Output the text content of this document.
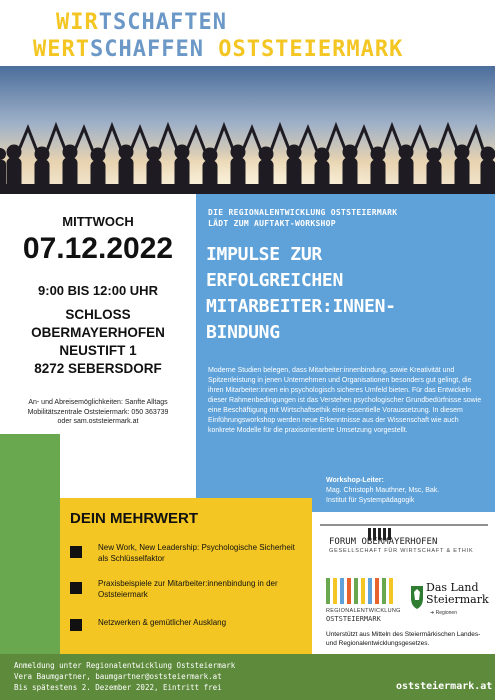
WIRTSCHAFTEN
WERTSCHAFFEN OSTSTEIERMARK
MITTWOCH
07.12.2022
9:00 BIS 12:00 UHR
SCHLOSS
OBERMAYERHOFEN
NEUSTIFT 1
8272 SEBERSDORF
An- und Abreisemöglichkeiten: Sanfte Alltags
Mobilitätszentrale Oststeiermark: 050 363739
oder sam.oststeiermark.at
DIE REGIONALENTWICKLUNG OSTSTEIERMARK
LÄDT ZUM AUFTAKT-WORKSHOP
IMPULSE ZUR
ERFOLGREICHEN
MITARBEITER:INNEN-
BINDUNG
Moderne Studien belegen, dass Mitarbeiter:innenbindung, sowie Kreativität und Spitzenleistung in jenen Unternehmen und Organisationen besonders gut gelingt, die ihren Mitarbeiter:innen ein psychologisch sicheres Umfeld bieten. Für das Entwickeln dieser Rahmenbedingungen ist das Verstehen psychologischer Grundbedürfnisse sowie eine Beschäftigung mit Wirtschaftsethik eine essentielle Voraussetzung. In diesem Einführungsworkshop werden neue Erkenntnisse aus der Wissenschaft wie auch konkrete Modelle für die praxisorientierte Umsetzung vorgestellt.
Workshop-Leiter:
Mag. Christoph Mauthner, Msc, Bak.
Institut für Systempädagogik
DEIN MEHRWERT
New Work, New Leadership: Psychologische Sicherheit als Schlüsselfaktor
Praxisbeispiele zur Mitarbeiter:innenbindung in der Oststeiermark
Netzwerken & gemütlicher Ausklang
FORUM OBERMAYERHOFEN
GESELLSCHAFT FÜR WIRTSCHAFT & ETHIK
REGIONALENTWICKLUNG
OSTSTEIERMARK
Das Land
Steiermark
➜ Regionen
Unterstützt aus Mitteln des Steiermärkischen Landes- und Regionalentwicklungsgesetzes.
Anmeldung unter Regionalentwicklung Oststeiermark
Vera Baumgartner, baumgartner@oststeiermark.at
Bis spätestens 2. Dezember 2022, Eintritt frei	oststeiermark.at
